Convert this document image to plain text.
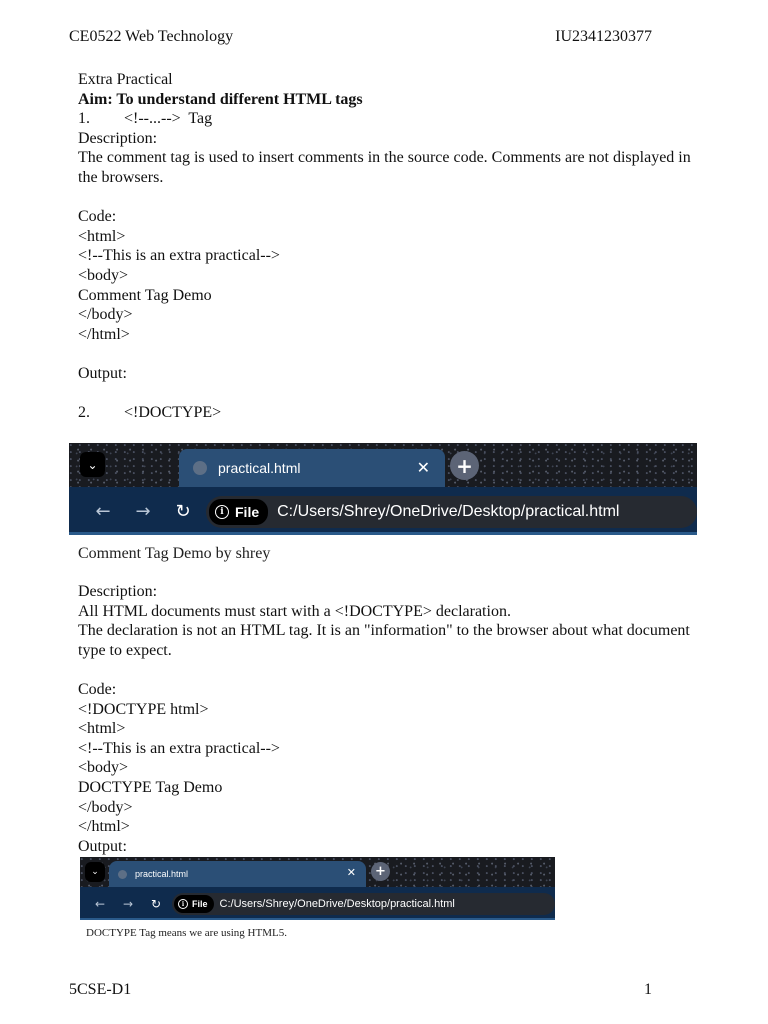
CE0522 Web Technology	IU2341230377

Extra Practical

Aim: To understand different HTML tags

1.	<!--...-->  Tag

Description:

The comment tag is used to insert comments in the source code. Comments are not displayed in the browsers.

Code:

<html>

<!--This is an extra practical-->

<body>

Comment Tag Demo

</body>

</html>

Output:

2.	<!DOCTYPE>
⌄	practical.html	✕ +
←	→	↻	i File C:/Users/Shrey/OneDrive/Desktop/practical.html
Comment Tag Demo by shrey

Description:

All HTML documents must start with a <!DOCTYPE> declaration.

The declaration is not an HTML tag. It is an "information" to the browser about what document type to expect.

Code:

<!DOCTYPE html>

<html>

<!--This is an extra practical-->

<body>

DOCTYPE Tag Demo

</body>

</html>

Output:

⌄	practical.html	✕ +
←	→	↻	i File C:/Users/Shrey/OneDrive/Desktop/practical.html
DOCTYPE Tag means we are using HTML5.
5CSE-D1	1
